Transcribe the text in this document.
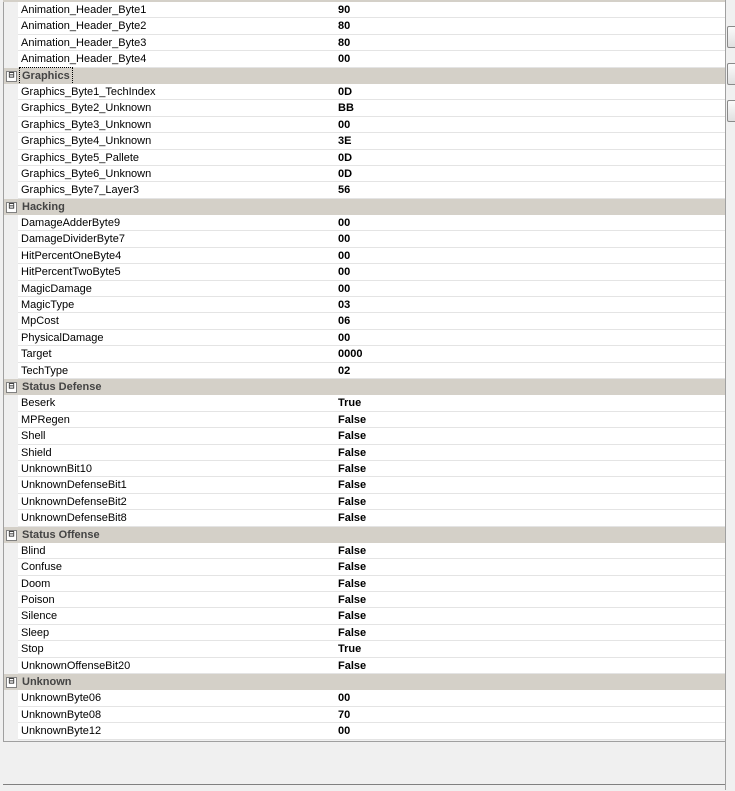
Animation_Header_Byte1	90
Animation_Header_Byte2	80
Animation_Header_Byte3	80
Animation_Header_Byte4	00
⊟ Graphics
Graphics_Byte1_TechIndex	0D
Graphics_Byte2_Unknown	BB
Graphics_Byte3_Unknown	00
Graphics_Byte4_Unknown	3E
Graphics_Byte5_Pallete	0D
Graphics_Byte6_Unknown	0D
Graphics_Byte7_Layer3	56
⊟ Hacking
DamageAdderByte9	00
DamageDividerByte7	00
HitPercentOneByte4	00
HitPercentTwoByte5	00
MagicDamage	00
MagicType	03
MpCost	06
PhysicalDamage	00
Target	0000
TechType	02
⊟ Status Defense
Beserk	True
MPRegen	False
Shell	False
Shield	False
UnknownBit10	False
UnknownDefenseBit1	False
UnknownDefenseBit2	False
UnknownDefenseBit8	False
⊟ Status Offense
Blind	False
Confuse	False
Doom	False
Poison	False
Silence	False
Sleep	False
Stop	True
UnknownOffenseBit20	False
⊟ Unknown
UnknownByte06	00
UnknownByte08	70
UnknownByte12	00
